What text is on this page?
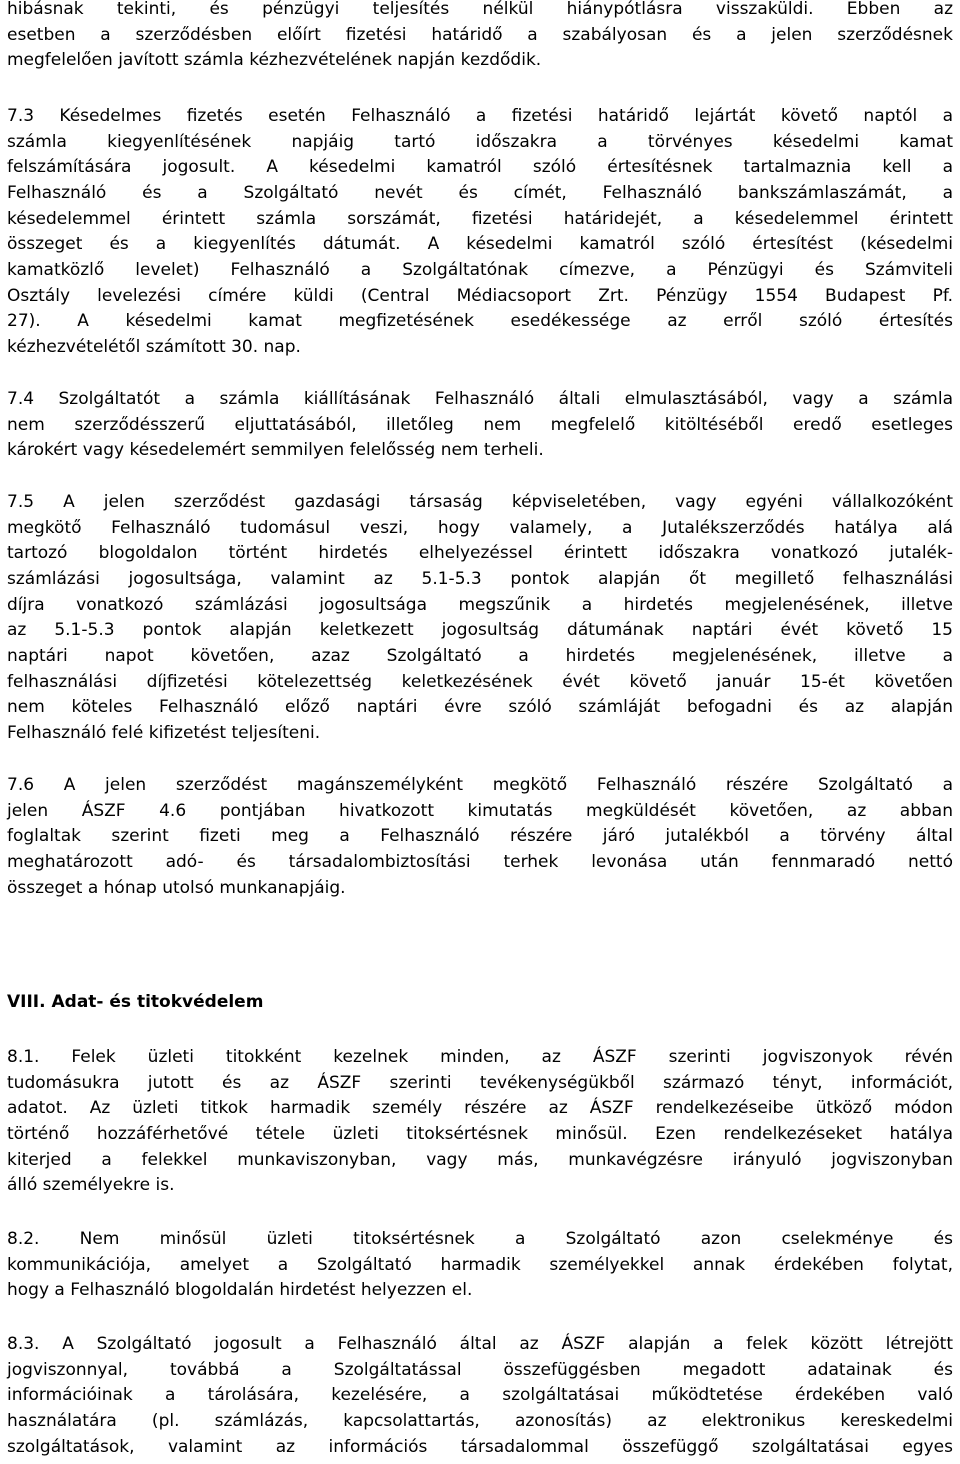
hibásnak tekinti, és pénzügyi teljesítés nélkül hiánypótlásra visszaküldi. Ebben az
esetben a szerződésben előírt fizetési határidő a szabályosan és a jelen szerződésnek
megfelelően javított számla kézhezvételének napján kezdődik.
7.3 Késedelmes fizetés esetén Felhasználó a fizetési határidő lejártát követő naptól a
számla kiegyenlítésének napjáig tartó időszakra a törvényes késedelmi kamat
felszámítására jogosult. A késedelmi kamatról szóló értesítésnek tartalmaznia kell a
Felhasználó és a Szolgáltató nevét és címét, Felhasználó bankszámlaszámát, a
késedelemmel érintett számla sorszámát, fizetési határidejét, a késedelemmel érintett
összeget és a kiegyenlítés dátumát. A késedelmi kamatról szóló értesítést (késedelmi
kamatközlő levelet) Felhasználó a Szolgáltatónak címezve, a Pénzügyi és Számviteli
Osztály levelezési címére küldi (Central Médiacsoport Zrt. Pénzügy 1554 Budapest Pf.
27). A késedelmi kamat megfizetésének esedékessége az erről szóló értesítés
kézhezvételétől számított 30. nap.
7.4 Szolgáltatót a számla kiállításának Felhasználó általi elmulasztásából, vagy a számla
nem szerződésszerű eljuttatásából, illetőleg nem megfelelő kitöltéséből eredő esetleges
károkért vagy késedelemért semmilyen felelősség nem terheli.
7.5 A jelen szerződést gazdasági társaság képviseletében, vagy egyéni vállalkozóként
megkötő Felhasználó tudomásul veszi, hogy valamely, a Jutalékszerződés hatálya alá
tartozó blogoldalon történt hirdetés elhelyezéssel érintett időszakra vonatkozó jutalék-
számlázási jogosultsága, valamint az 5.1-5.3 pontok alapján őt megillető felhasználási
díjra vonatkozó számlázási jogosultsága megszűnik a hirdetés megjelenésének, illetve
az 5.1-5.3 pontok alapján keletkezett jogosultság dátumának naptári évét követő 15
naptári napot követően, azaz Szolgáltató a hirdetés megjelenésének, illetve a
felhasználási díjfizetési kötelezettség keletkezésének évét követő január 15-ét követően
nem köteles Felhasználó előző naptári évre szóló számláját befogadni és az alapján
Felhasználó felé kifizetést teljesíteni.
7.6 A jelen szerződést magánszemélyként megkötő Felhasználó részére Szolgáltató a
jelen ÁSZF 4.6 pontjában hivatkozott kimutatás megküldését követően, az abban
foglaltak szerint fizeti meg a Felhasználó részére járó jutalékból a törvény által
meghatározott adó- és társadalombiztosítási terhek levonása után fennmaradó nettó
összeget a hónap utolsó munkanapjáig.
VIII. Adat- és titokvédelem
8.1. Felek üzleti titokként kezelnek minden, az ÁSZF szerinti jogviszonyok révén
tudomásukra jutott és az ÁSZF szerinti tevékenységükből származó tényt, információt,
adatot. Az üzleti titkok harmadik személy részére az ÁSZF rendelkezéseibe ütköző módon
történő hozzáférhetővé tétele üzleti titoksértésnek minősül. Ezen rendelkezéseket hatálya
kiterjed a felekkel munkaviszonyban, vagy más, munkavégzésre irányuló jogviszonyban
álló személyekre is.
8.2. Nem minősül üzleti titoksértésnek a Szolgáltató azon cselekménye és
kommunikációja, amelyet a Szolgáltató harmadik személyekkel annak érdekében folytat,
hogy a Felhasználó blogoldalán hirdetést helyezzen el.
8.3. A Szolgáltató jogosult a Felhasználó által az ÁSZF alapján a felek között létrejött
jogviszonnyal, továbbá a Szolgáltatással összefüggésben megadott adatainak és
információinak a tárolására, kezelésére, a szolgáltatásai működtetése érdekében való
használatára (pl. számlázás, kapcsolattartás, azonosítás) az elektronikus kereskedelmi
szolgáltatások, valamint az információs társadalommal összefüggő szolgáltatásai egyes
